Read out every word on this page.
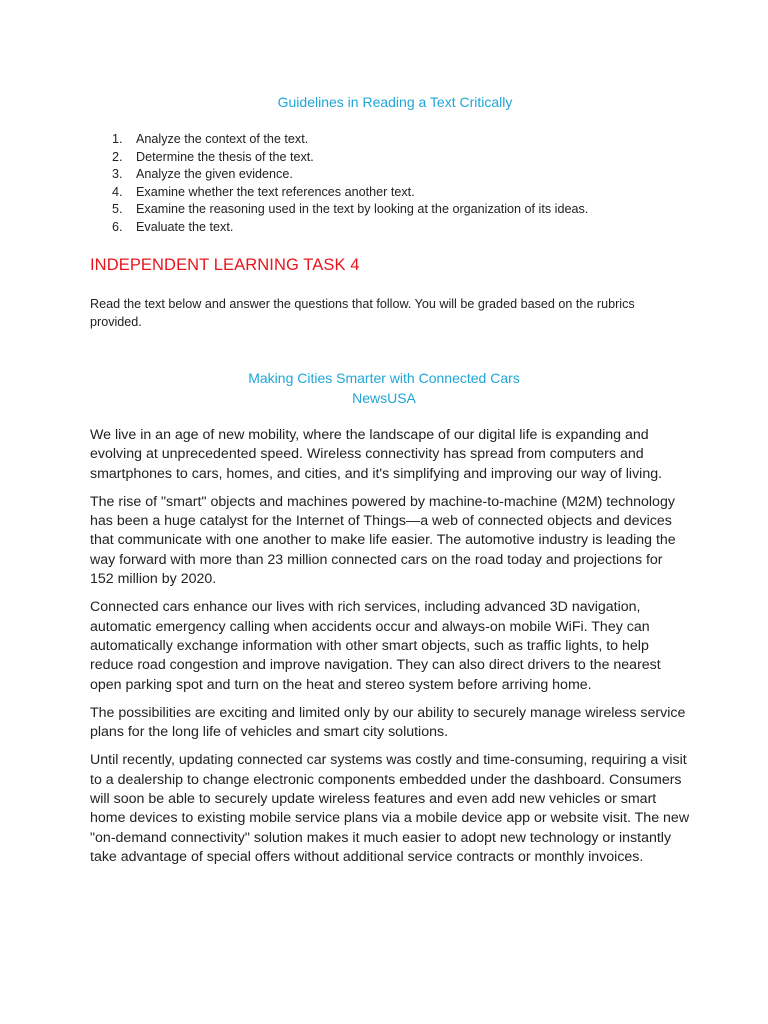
Guidelines in Reading a Text Critically
1.	Analyze the context of the text.
2.	Determine the thesis of the text.
3.	Analyze the given evidence.
4.	Examine whether the text references another text.
5.	Examine the reasoning used in the text by looking at the organization of its ideas.
6.	Evaluate the text.
INDEPENDENT LEARNING TASK 4

Read the text below and answer the questions that follow. You will be graded based on the rubrics provided.

Making Cities Smarter with Connected Cars
NewsUSA

We live in an age of new mobility, where the landscape of our digital life is expanding and evolving at unprecedented speed. Wireless connectivity has spread from computers and smartphones to cars, homes, and cities, and it's simplifying and improving our way of living.

The rise of "smart" objects and machines powered by machine-to-machine (M2M) technology has been a huge catalyst for the Internet of Things—a web of connected objects and devices that communicate with one another to make life easier. The automotive industry is leading the way forward with more than 23 million connected cars on the road today and projections for 152 million by 2020.

Connected cars enhance our lives with rich services, including advanced 3D navigation, automatic emergency calling when accidents occur and always-on mobile WiFi. They can automatically exchange information with other smart objects, such as traffic lights, to help reduce road congestion and improve navigation. They can also direct drivers to the nearest open parking spot and turn on the heat and stereo system before arriving home.

The possibilities are exciting and limited only by our ability to securely manage wireless service plans for the long life of vehicles and smart city solutions.

Until recently, updating connected car systems was costly and time-consuming, requiring a visit to a dealership to change electronic components embedded under the dashboard. Consumers will soon be able to securely update wireless features and even add new vehicles or smart home devices to existing mobile service plans via a mobile device app or website visit. The new "on-demand connectivity" solution makes it much easier to adopt new technology or instantly take advantage of special offers without additional service contracts or monthly invoices.
